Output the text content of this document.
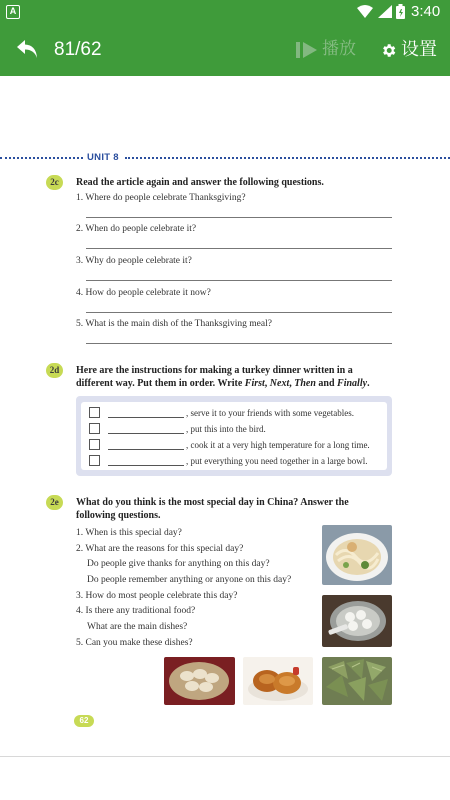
A	3:40
81/62	播放	设置
UNIT 8
2c	Read the article again and answer the following questions.
1. Where do people celebrate Thanksgiving?
2. When do people celebrate it?
3. Why do people celebrate it?
4. How do people celebrate it now?
5. What is the main dish of the Thanksgiving meal?
2d	Here are the instructions for making a turkey dinner written in a
different way. Put them in order. Write First, Next, Then and Finally.
, serve it to your friends with some vegetables.
, put this into the bird.
, cook it at a very high temperature for a long time.
, put everything you need together in a large bowl.
2e	What do you think is the most special day in China? Answer the
following questions.
1. When is this special day?
2. What are the reasons for this special day?
Do people give thanks for anything on this day?
Do people remember anything or anyone on this day?
3. How do most people celebrate this day?
4. Is there any traditional food?
What are the main dishes?
5. Can you make these dishes?
62
